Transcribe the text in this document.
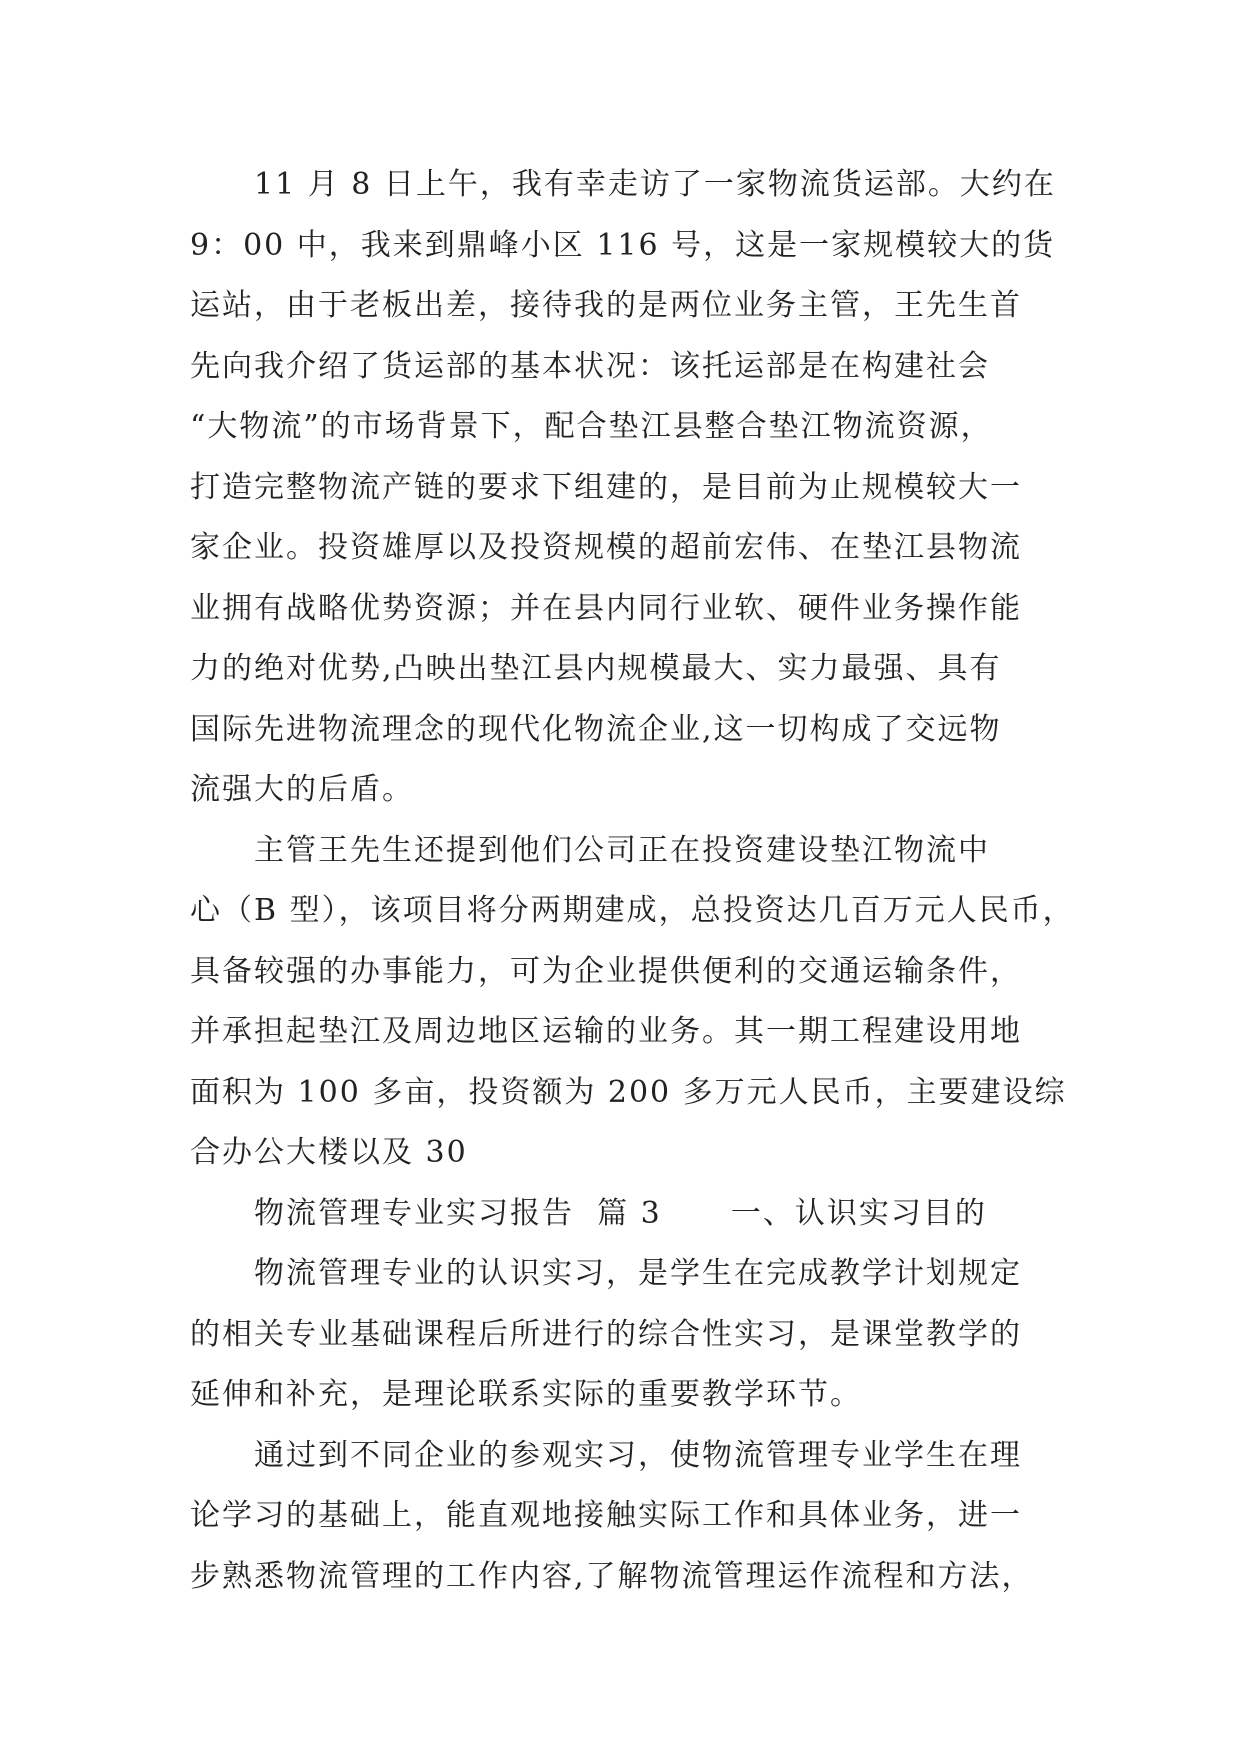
11 月 8 日上午，我有幸走访了一家物流货运部。大约在
9：00 中，我来到鼎峰小区 116 号，这是一家规模较大的货
运站，由于老板出差，接待我的是两位业务主管，王先生首
先向我介绍了货运部的基本状况：该托运部是在构建社会
“大物流”的市场背景下，配合垫江县整合垫江物流资源，
打造完整物流产链的要求下组建的，是目前为止规模较大一
家企业。投资雄厚以及投资规模的超前宏伟、在垫江县物流
业拥有战略优势资源；并在县内同行业软、硬件业务操作能
力的绝对优势,凸映出垫江县内规模最大、实力最强、具有
国际先进物流理念的现代化物流企业,这一切构成了交远物
流强大的后盾。
主管王先生还提到他们公司正在投资建设垫江物流中
心（B 型），该项目将分两期建成，总投资达几百万元人民币，
具备较强的办事能力，可为企业提供便利的交通运输条件，
并承担起垫江及周边地区运输的业务。其一期工程建设用地
面积为 100 多亩，投资额为 200 多万元人民币，主要建设综
合办公大楼以及 30
物流管理专业实习报告  篇 3      一、认识实习目的
物流管理专业的认识实习，是学生在完成教学计划规定
的相关专业基础课程后所进行的综合性实习，是课堂教学的
延伸和补充，是理论联系实际的重要教学环节。
通过到不同企业的参观实习，使物流管理专业学生在理
论学习的基础上，能直观地接触实际工作和具体业务，进一
步熟悉物流管理的工作内容,了解物流管理运作流程和方法，
